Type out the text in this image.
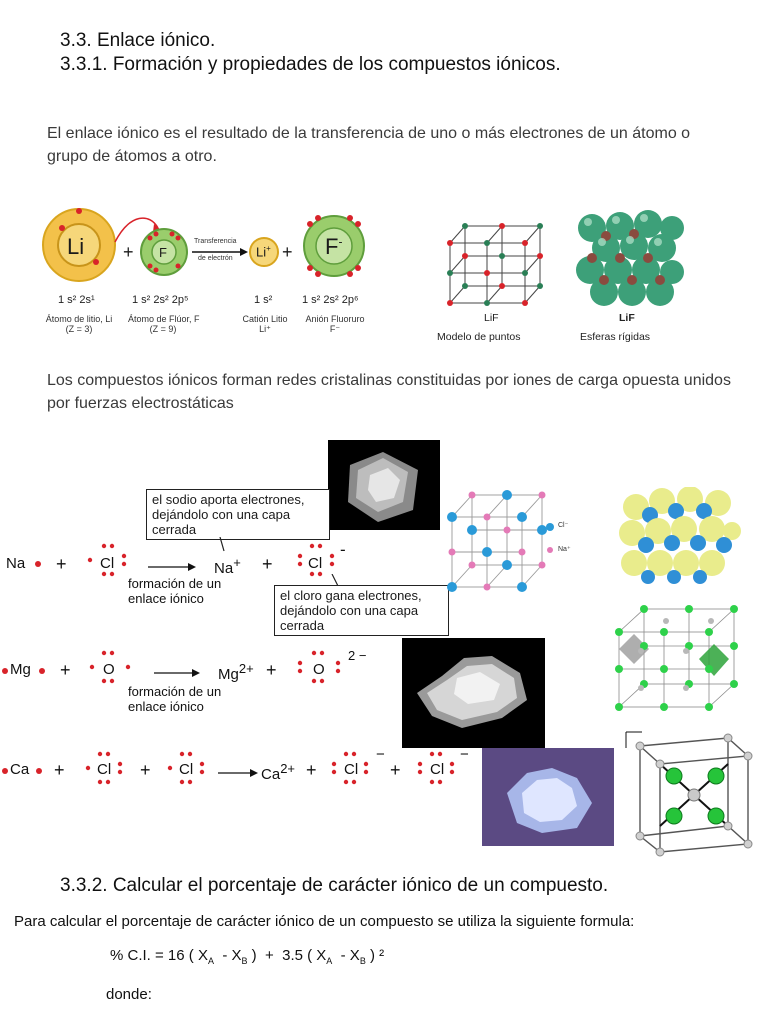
3.3. Enlace iónico.
3.3.1. Formación y propiedades de los compuestos iónicos.
El enlace iónico es el resultado de la transferencia de uno o más electrones de un átomo o grupo de átomos a otro.
Li	F
+
Transferencia
de electrón Li+ + F-
1 s² 2s¹	1 s² 2s² 2p⁵	1 s²	1 s² 2s² 2p⁶
Átomo de litio, Li
(Z = 3)
Átomo de Flúor, F
(Z = 9)
Catión Litio
Li⁺
Anión Fluoruro
F⁻
LiF
Modelo de puntos
LiF
Esferas rígidas
Los compuestos iónicos forman redes cristalinas constituidas por iones de carga opuesta unidos por fuerzas electrostáticas
el sodio aporta electrones, dejándolo con una capa cerrada
Na + Cl	Na+ + Cl
-
formación de un enlace iónico	el cloro gana electrones, dejándolo con una capa cerrada
Cl⁻
Na⁺
Mg + O	$Mg^{2+} + O$
2 −
formación de un enlace iónico
Ca + Cl + Cl	$Ca^{2+} + Cl$
−
+ Cl
−
3.3.2. Calcular el porcentaje de carácter iónico de un compuesto.
Para calcular el porcentaje de carácter iónico de un compuesto se utiliza la siguiente formula:
% C.I. = 16 ( $X_A - X_B$ )  +  3.5 ( $X_A - X_B$ ) ²
donde:
